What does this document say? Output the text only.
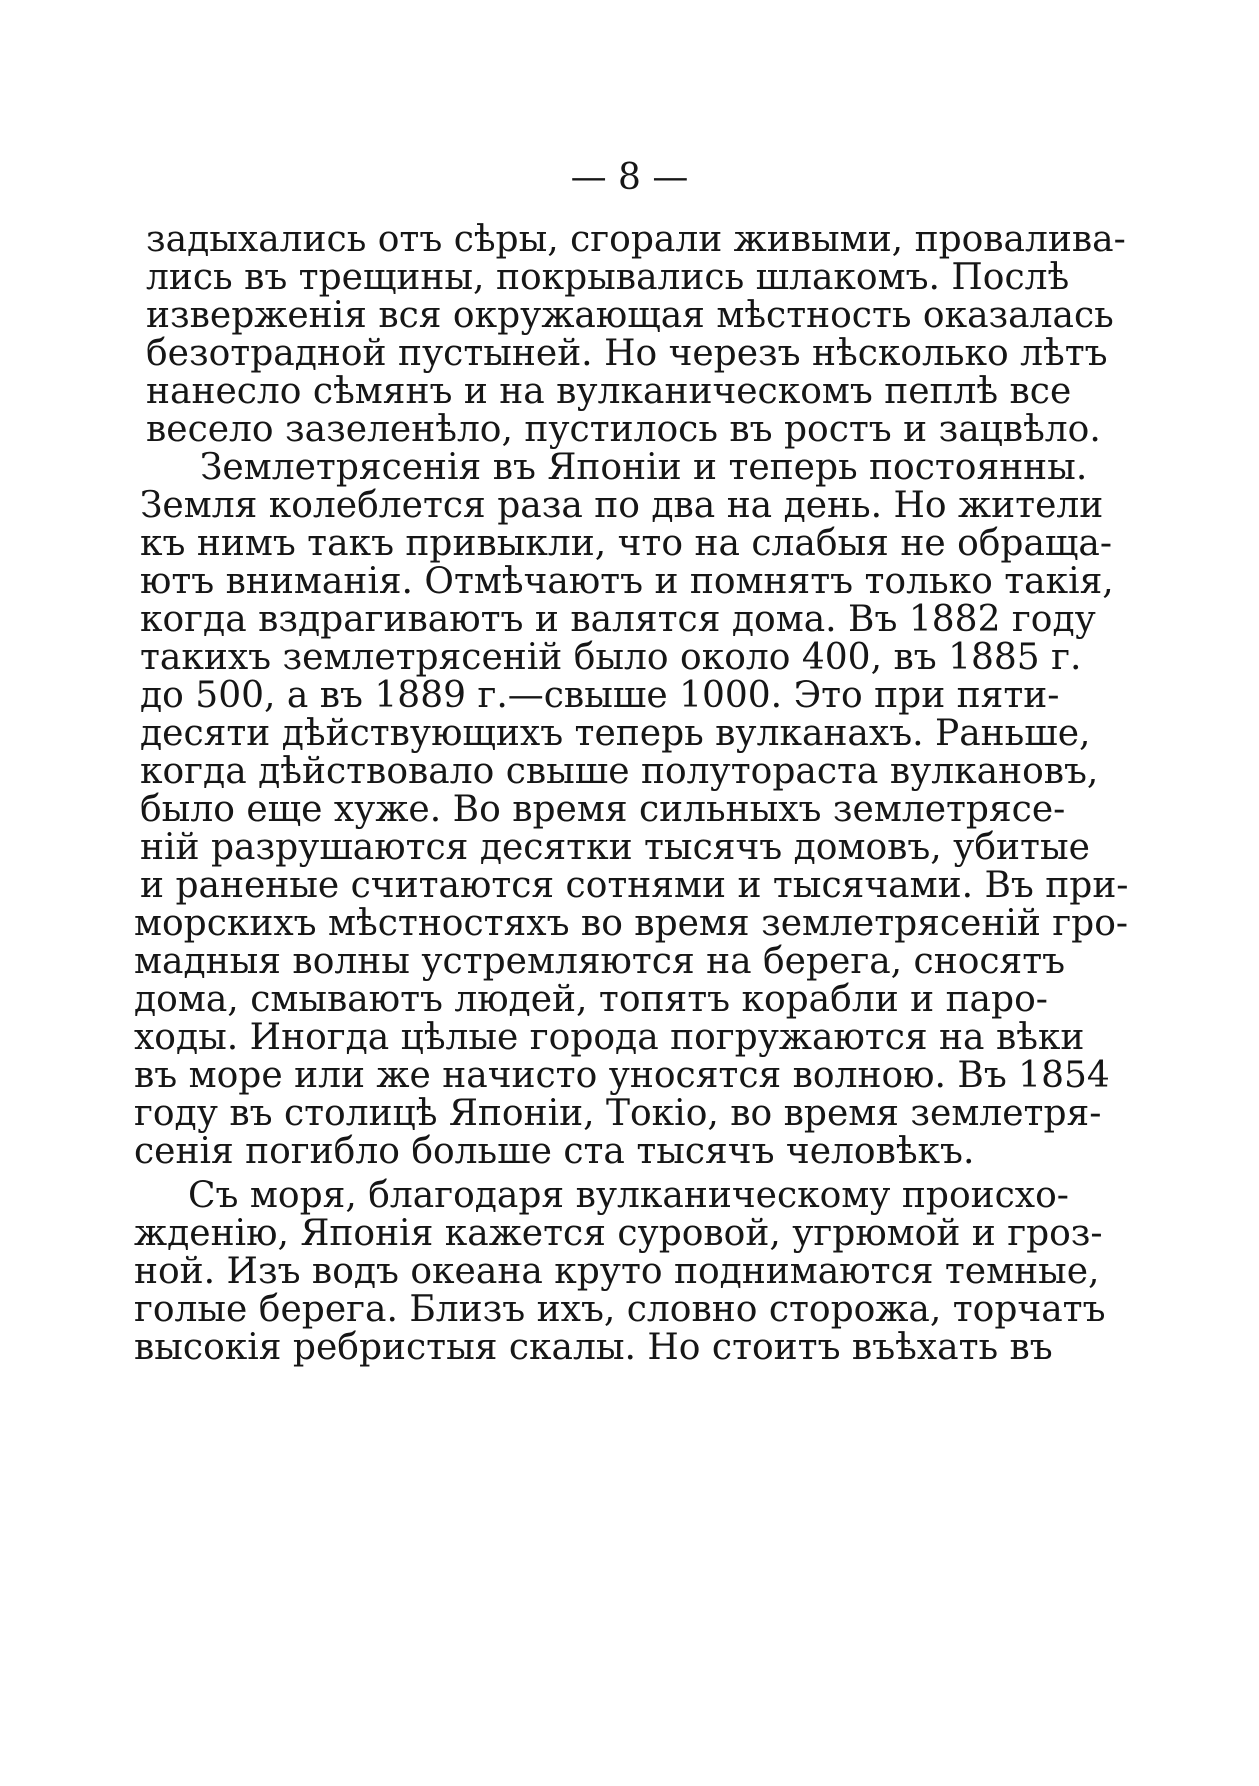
— 8 —
задыхались отъ сѣры, сгорали живыми, провалива-
лись въ трещины, покрывались шлакомъ. Послѣ
изверженія вся окружающая мѣстность оказалась
безотрадной пустыней. Но черезъ нѣсколько лѣтъ
нанесло сѣмянъ и на вулканическомъ пеплѣ все
весело зазеленѣло, пустилось въ ростъ и зацвѣло.
Землетрясенія въ Японіи и теперь постоянны.
Земля колеблется раза по два на день. Но жители
къ нимъ такъ привыкли, что на слабыя не обраща-
ютъ вниманія. Отмѣчаютъ и помнятъ только такія,
когда вздрагиваютъ и валятся дома. Въ 1882 году
такихъ землетрясеній было около 400, въ 1885 г.
до 500, а въ 1889 г.—свыше 1000. Это при пяти-
десяти дѣйствующихъ теперь вулканахъ. Раньше,
когда дѣйствовало свыше полутораста вулкановъ,
было еще хуже. Во время сильныхъ землетрясе-
ній разрушаются десятки тысячъ домовъ, убитые
и раненые считаются сотнями и тысячами. Въ при-
морскихъ мѣстностяхъ во время землетрясеній гро-
мадныя волны устремляются на берега, сносятъ
дома, смываютъ людей, топятъ корабли и паро-
ходы. Иногда цѣлые города погружаются на вѣки
въ море или же начисто уносятся волною. Въ 1854
году въ столицѣ Японіи, Токіо, во время землетря-
сенія погибло больше ста тысячъ человѣкъ.
Съ моря, благодаря вулканическому происхо-
жденію, Японія кажется суровой, угрюмой и гроз-
ной. Изъ водъ океана круто поднимаются темные,
голые берега. Близъ ихъ, словно сторожа, торчатъ
высокія ребристыя скалы. Но стоитъ въѣхать въ
